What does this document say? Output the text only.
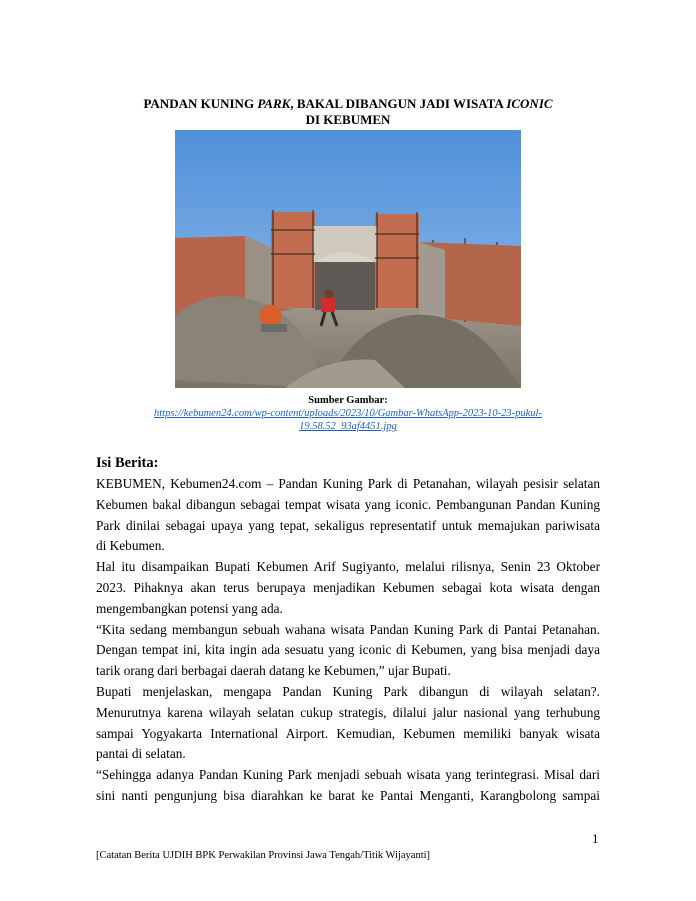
PANDAN KUNING PARK, BAKAL DIBANGUN JADI WISATA ICONIC
DI KEBUMEN
Sumber Gambar:
https://kebumen24.com/wp-content/uploads/2023/10/Gambar-WhatsApp-2023-10-23-pukul-
19.58.52_93af4451.jpg
Isi Berita:

KEBUMEN, Kebumen24.com – Pandan Kuning Park di Petanahan, wilayah pesisir selatan
Kebumen bakal dibangun sebagai tempat wisata yang iconic. Pembangunan Pandan Kuning
Park dinilai sebagai upaya yang tepat, sekaligus representatif untuk memajukan pariwisata
di Kebumen.

Hal itu disampaikan Bupati Kebumen Arif Sugiyanto, melalui rilisnya, Senin 23 Oktober
2023. Pihaknya akan terus berupaya menjadikan Kebumen sebagai kota wisata dengan
mengembangkan potensi yang ada.

“Kita sedang membangun sebuah wahana wisata Pandan Kuning Park di Pantai Petanahan.
Dengan tempat ini, kita ingin ada sesuatu yang iconic di Kebumen, yang bisa menjadi daya
tarik orang dari berbagai daerah datang ke Kebumen,” ujar Bupati.

Bupati menjelaskan, mengapa Pandan Kuning Park dibangun di wilayah selatan?.
Menurutnya karena wilayah selatan cukup strategis, dilalui jalur nasional yang terhubung
sampai Yogyakarta International Airport. Kemudian, Kebumen memiliki banyak wisata
pantai di selatan.

“Sehingga adanya Pandan Kuning Park menjadi sebuah wisata yang terintegrasi. Misal dari
sini nanti pengunjung bisa diarahkan ke barat ke Pantai Menganti, Karangbolong sampai

1
[Catatan Berita UJDIH BPK Perwakilan Provinsi Jawa Tengah/Titik Wijayanti]
